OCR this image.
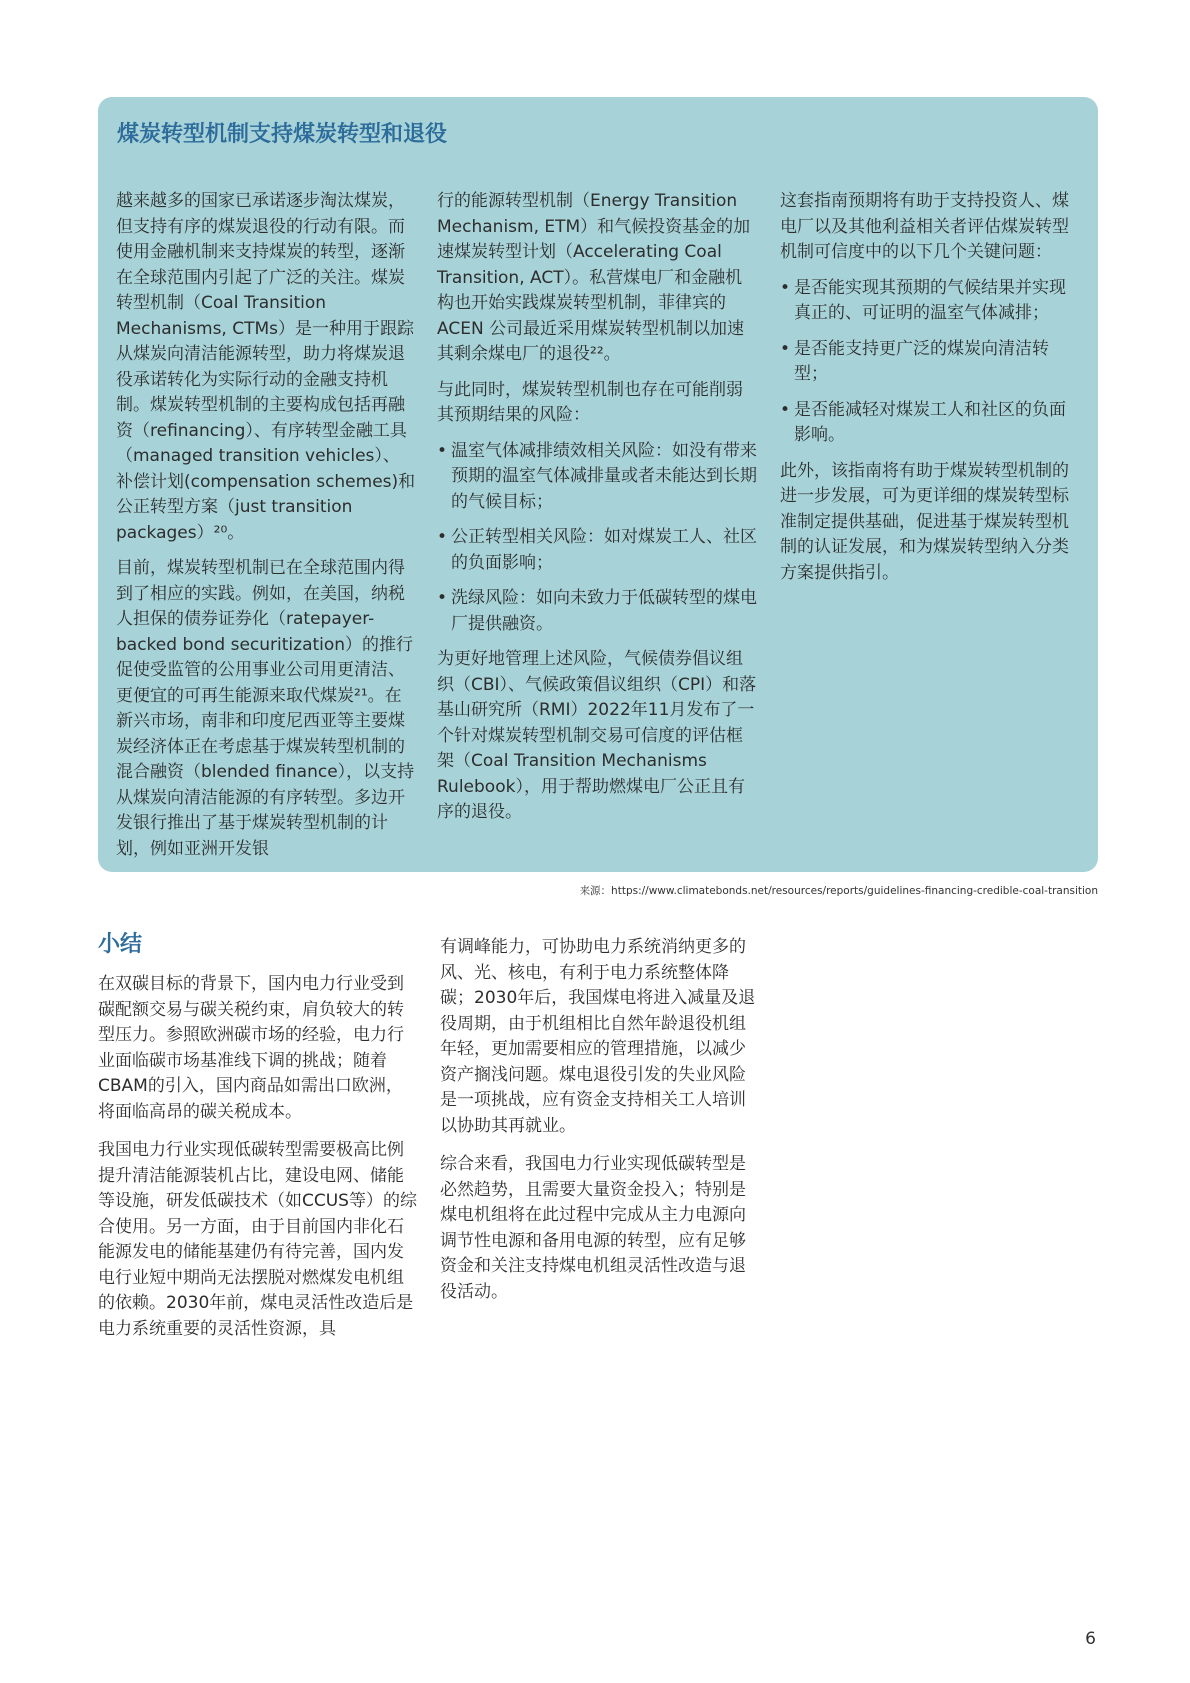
煤炭转型机制支持煤炭转型和退役

越来越多的国家已承诺逐步淘汰煤炭，但支持有序的煤炭退役的行动有限。而使用金融机制来支持煤炭的转型，逐渐在全球范围内引起了广泛的关注。煤炭转型机制（Coal Transition Mechanisms, CTMs）是一种用于跟踪从煤炭向清洁能源转型，助力将煤炭退役承诺转化为实际行动的金融支持机制。煤炭转型机制的主要构成包括再融资（refinancing）、有序转型金融工具（managed transition vehicles）、补偿计划(compensation schemes)和公正转型方案（just transition packages）²⁰。

目前，煤炭转型机制已在全球范围内得到了相应的实践。例如，在美国，纳税人担保的债券证券化（ratepayer-backed bond securitization）的推行促使受监管的公用事业公司用更清洁、更便宜的可再生能源来取代煤炭²¹。在新兴市场，南非和印度尼西亚等主要煤炭经济体正在考虑基于煤炭转型机制的混合融资（blended finance），以支持从煤炭向清洁能源的有序转型。多边开发银行推出了基于煤炭转型机制的计划，例如亚洲开发银

行的能源转型机制（Energy Transition Mechanism, ETM）和气候投资基金的加速煤炭转型计划（Accelerating Coal Transition, ACT）。私营煤电厂和金融机构也开始实践煤炭转型机制，菲律宾的ACEN 公司最近采用煤炭转型机制以加速其剩余煤电厂的退役²²。

与此同时，煤炭转型机制也存在可能削弱其预期结果的风险：

• 温室气体减排绩效相关风险：如没有带来预期的温室气体减排量或者未能达到长期的气候目标；
• 公正转型相关风险：如对煤炭工人、社区的负面影响；
• 洗绿风险：如向未致力于低碳转型的煤电厂提供融资。

为更好地管理上述风险，气候债券倡议组织（CBI）、气候政策倡议组织（CPI）和落基山研究所（RMI）2022年11月发布了一个针对煤炭转型机制交易可信度的评估框架（Coal Transition Mechanisms Rulebook），用于帮助燃煤电厂公正且有序的退役。

这套指南预期将有助于支持投资人、煤电厂以及其他利益相关者评估煤炭转型机制可信度中的以下几个关键问题：

• 是否能实现其预期的气候结果并实现真正的、可证明的温室气体减排；
• 是否能支持更广泛的煤炭向清洁转型；
• 是否能减轻对煤炭工人和社区的负面影响。

此外，该指南将有助于煤炭转型机制的进一步发展，可为更详细的煤炭转型标准制定提供基础，促进基于煤炭转型机制的认证发展，和为煤炭转型纳入分类方案提供指引。

来源：https://www.climatebonds.net/resources/reports/guidelines-financing-credible-coal-transition
小结

在双碳目标的背景下，国内电力行业受到碳配额交易与碳关税约束，肩负较大的转型压力。参照欧洲碳市场的经验，电力行业面临碳市场基准线下调的挑战；随着CBAM的引入，国内商品如需出口欧洲，将面临高昂的碳关税成本。

我国电力行业实现低碳转型需要极高比例提升清洁能源装机占比，建设电网、储能等设施，研发低碳技术（如CCUS等）的综合使用。另一方面，由于目前国内非化石能源发电的储能基建仍有待完善，国内发电行业短中期尚无法摆脱对燃煤发电机组的依赖。2030年前，煤电灵活性改造后是电力系统重要的灵活性资源，具

有调峰能力，可协助电力系统消纳更多的风、光、核电，有利于电力系统整体降碳；2030年后，我国煤电将进入减量及退役周期，由于机组相比自然年龄退役机组年轻，更加需要相应的管理措施，以减少资产搁浅问题。煤电退役引发的失业风险是一项挑战，应有资金支持相关工人培训以协助其再就业。

综合来看，我国电力行业实现低碳转型是必然趋势，且需要大量资金投入；特别是煤电机组将在此过程中完成从主力电源向调节性电源和备用电源的转型，应有足够资金和关注支持煤电机组灵活性改造与退役活动。

6
